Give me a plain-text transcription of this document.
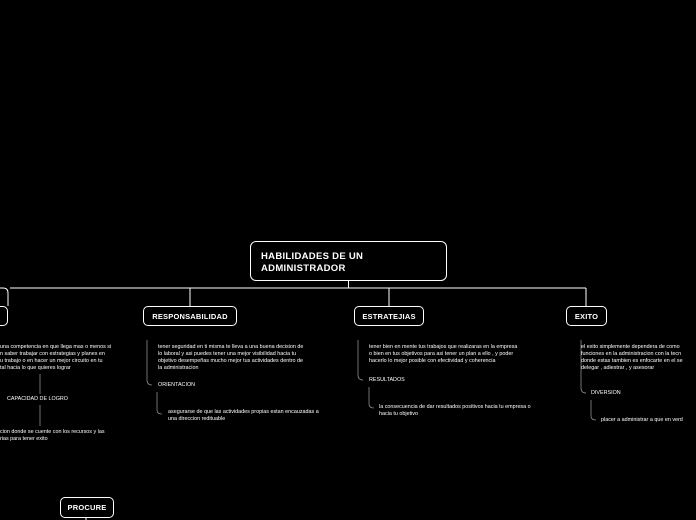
HABILIDADES DE UN
ADMINISTRADOR
una competencia en que llega mas o menos si
n saber trabajar con estrategias y planes en
u trabajo o en hacer un mejor circuito en tu
tal hacia lo que quieres lograr
CAPACIDAD DE LOGRO
cion donde se cuente con los recursos y las
rias para tener exito
RESPONSABILIDAD
tener seguridad en ti misma te lleva a una buena decision de
lo laboral y asi puedes tener una mejor visibilidad hacia tu
objetivo desempeñas mucho mejor tus actividades dentro de
la administracion
ORIENTACION
asegurarse de que las actividades propias estan encauzadas a
una direccion redituable
ESTRATEJIAS
tener bien en mente tus trabajos que realizaras en la empresa
o bien en tus objetivos para asi tener un plan a ello , y poder
hacerlo lo mejor posible con efectividad y coherencia
RESULTADOS
la consecuencia de dar resultados positivos hacia tu empresa o
hacia tu objetivo
EXITO
el exito simplemente dependera de como
funciones en la administracion con la tecn
donde estas tambien es enfocarte en el se
delegar , adiestrar , y asesorar
DIVERSION
placer a administrar a que en verd
PROCURE
